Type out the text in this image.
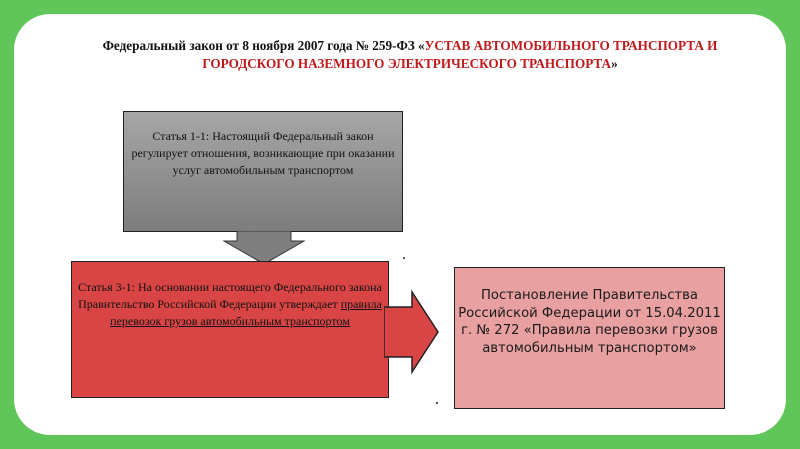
Федеральный закон от 8 ноября 2007 года № 259-ФЗ «УСТАВ АВТОМОБИЛЬНОГО ТРАНСПОРТА И ГОРОДСКОГО НАЗЕМНОГО ЭЛЕКТРИЧЕСКОГО ТРАНСПОРТА»
Статья 1-1: Настоящий Федеральный закон регулирует отношения, возникающие при оказании услуг автомобильным транспортом
Статья 3-1: На основании настоящего Федерального закона Правительство Российской Федерации утверждает правила перевозок грузов автомобильным транспортом
Постановление Правительства Российской Федерации от 15.04.2011 г. № 272 «Правила перевозки грузов автомобильным транспортом»
